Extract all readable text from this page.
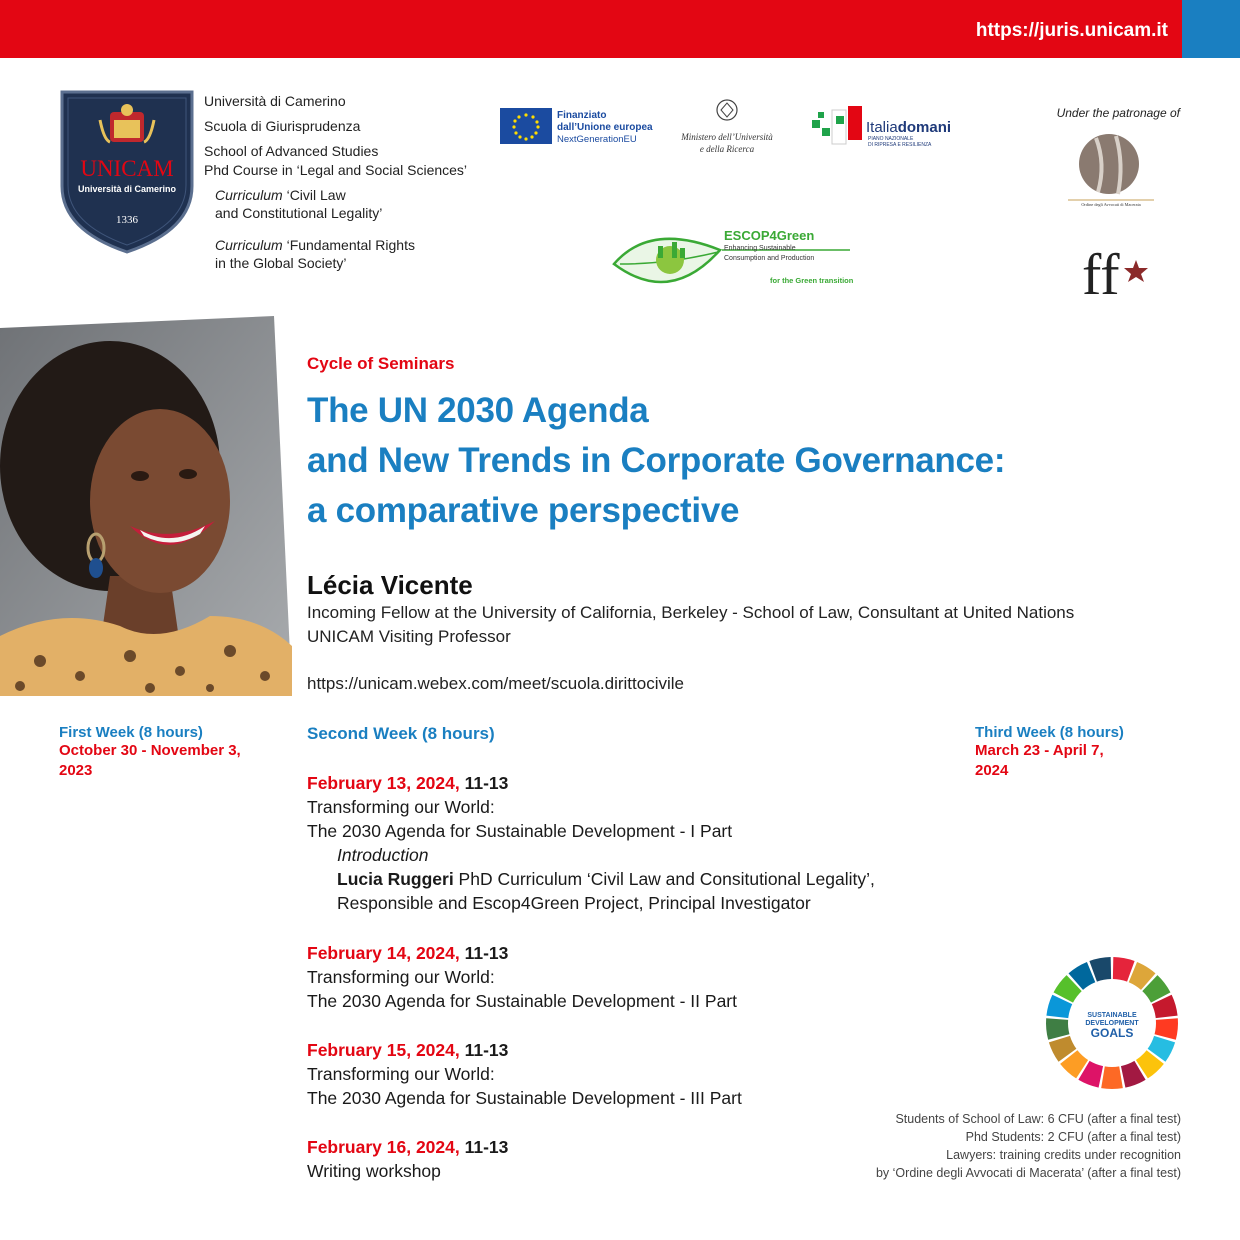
https://juris.unicam.it
UNICAM
Università di Camerino
1336
Università di Camerino
Scuola di Giurisprudenza
School of Advanced Studies
Phd Course in ‘Legal and Social Sciences’
Curriculum ‘Civil Law
and Constitutional Legality’
Curriculum ‘Fundamental Rights
in the Global Society’
Finanziato
dall’Unione europea
NextGenerationEU	Ministero dell’Università
e della Ricerca
Italiadomani
PIANO NAZIONALE
DI RIPRESA E RESILIENZA
ESCOP4Green
Enhancing Sustainable
Consumption and Production
for the Green transition
Under the patronage of
Ordine degli Avvocati di Macerata
ff
Cycle of Seminars
The UN 2030 Agenda
and New Trends in Corporate Governance:
a comparative perspective
Lécia Vicente
Incoming Fellow at the University of California, Berkeley - School of Law, Consultant at United Nations
UNICAM Visiting Professor
https://unicam.webex.com/meet/scuola.dirittocivile
First Week (8 hours)
October 30 - November 3,
2023
Second Week (8 hours)	Third Week (8 hours)
March 23 - April 7,
2024
February 13, 2024, 11-13
Transforming our World:
The 2030 Agenda for Sustainable Development - I Part
Introduction
Lucia Ruggeri PhD Curriculum ‘Civil Law and Consitutional Legality’,
Responsible and Escop4Green Project, Principal Investigator
February 14, 2024, 11-13
Transforming our World:
The 2030 Agenda for Sustainable Development - II Part
February 15, 2024, 11-13
Transforming our World:
The 2030 Agenda for Sustainable Development - III Part
February 16, 2024, 11-13
Writing workshop
SUSTAINABLE
DEVELOPMENT
GOALS
Students of School of Law: 6 CFU (after a final test)
Phd Students: 2 CFU (after a final test)
Lawyers: training credits under recognition
by ‘Ordine degli Avvocati di Macerata’ (after a final test)
